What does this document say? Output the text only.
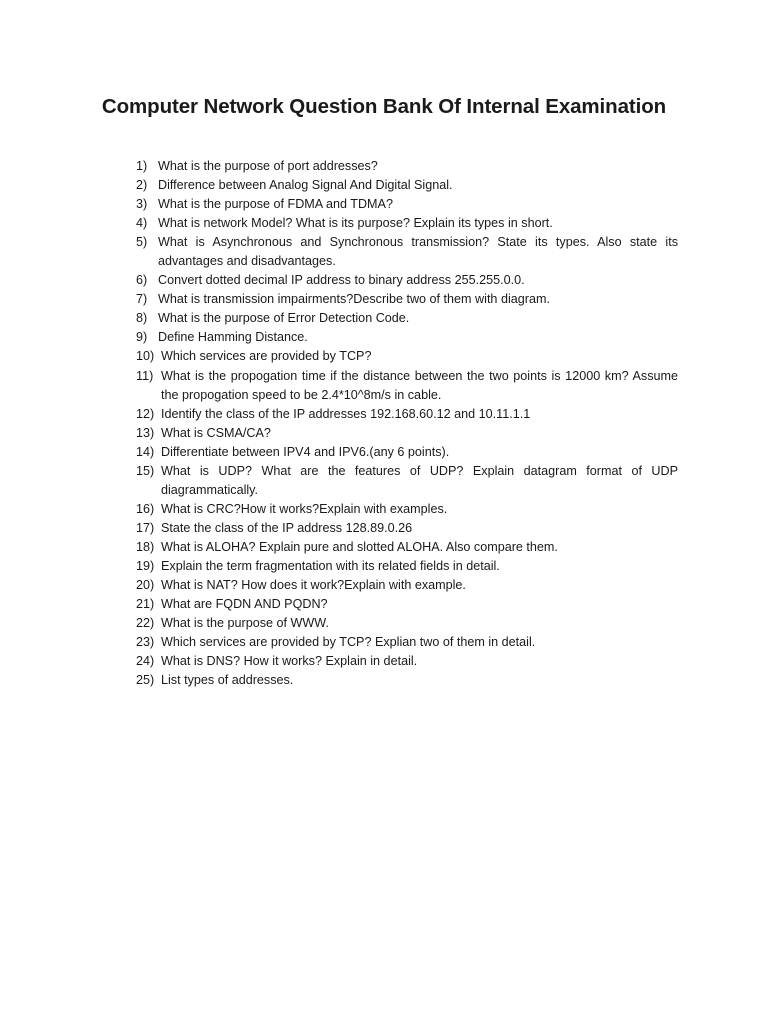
Computer Network Question Bank Of Internal Examination
1) What is the purpose of port addresses?
2) Difference between Analog Signal And Digital Signal.
3) What is the purpose of FDMA and TDMA?
4) What is network Model? What is its purpose? Explain its types in short.
5) What is Asynchronous and Synchronous transmission? State its types. Also state its advantages and disadvantages.
6) Convert dotted decimal IP address to binary address 255.255.0.0.
7) What is transmission impairments?Describe two of them with diagram.
8) What is the purpose of Error Detection Code.
9) Define Hamming Distance.
10) Which services are provided by TCP?
11) What is the propogation time if the distance between the two points is 12000 km? Assume the propogation speed to be 2.4*10^8m/s in cable.
12) Identify the class of the IP addresses 192.168.60.12 and 10.11.1.1
13) What is CSMA/CA?
14) Differentiate between IPV4 and IPV6.(any 6 points).
15) What is UDP? What are the features of UDP? Explain datagram format of UDP diagrammatically.
16) What is CRC?How it works?Explain with examples.
17) State the class of the IP address 128.89.0.26
18) What is ALOHA? Explain pure and slotted ALOHA. Also compare them.
19) Explain the term fragmentation with its related fields in detail.
20) What is NAT? How does it work?Explain with example.
21) What are FQDN AND PQDN?
22) What is the purpose of WWW.
23) Which services are provided by TCP? Explian two of them in detail.
24) What is DNS? How it works? Explain in detail.
25) List types of addresses.
